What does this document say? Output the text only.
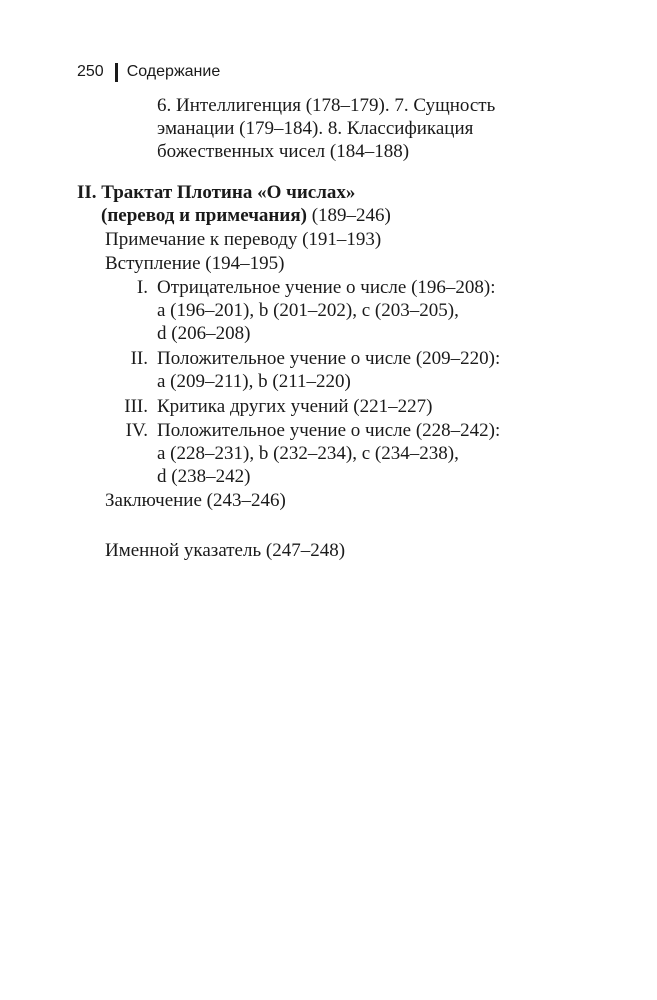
250 Содержание
6. Интеллигенция (178–179). 7. Сущность
эманации (179–184). 8. Классификация
божественных чисел (184–188)
II. Трактат Плотина «О числах»
(перевод и примечания) (189–246)
Примечание к переводу (191–193)
Вступление (194–195)
I. Отрицательное учение о числе (196–208):
a (196–201), b (201–202), c (203–205),
d (206–208)
II. Положительное учение о числе (209–220):
a (209–211), b (211–220)
III. Критика других учений (221–227)
IV. Положительное учение о числе (228–242):
a (228–231), b (232–234), c (234–238),
d (238–242)
Заключение (243–246)
Именной указатель (247–248)
